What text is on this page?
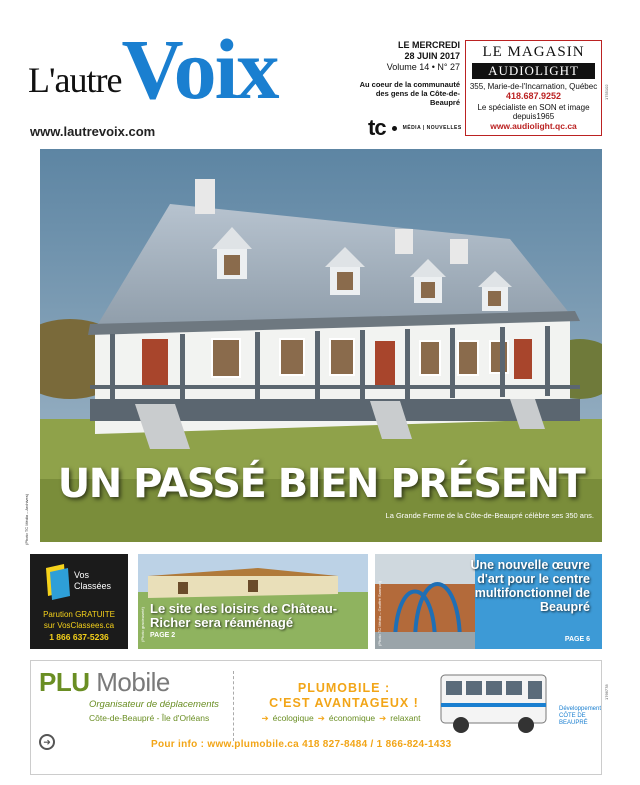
L'autre Voix
www.lautrevoix.com
LE MERCREDI
28 JUIN 2017
Volume 14 • N° 27
Au coeur de la communauté des gens de la Côte-de-Beaupré
tc	MÉDIA | NOUVELLES
LE MAGASIN
AUDIOLIGHT
355, Marie-de-l'Incarnation, Québec
418.687.9252
Le spécialiste en SON et image depuis1965
www.audiolight.qc.ca
1755102
UN PASSÉ BIEN PRÉSENT
La Grande Ferme de la Côte-de-Beaupré célèbre ses 350 ans.
(Photo TC Média – Archives)
Vos
Classées
Parution GRATUITE
sur VosClassees.ca
1 866 637-5236
Le site des loisirs de Château-Richer sera réaménagé
PAGE 2
(Photo gracieuseté)
Une nouvelle œuvre d'art pour le centre multifonctionnel de Beaupré
PAGE 6
(Photo TC Média – Geoffré Samson)
PLU Mobile
Organisateur de déplacements
Côte-de-Beaupré - Île d'Orléans
➜
PLUMOBILE :
C'EST AVANTAGEUX !
➔ écologique ➔ économique ➔ relaxant
Pour info : www.plumobile.ca 418 827-8484 / 1 866-824-1433
Développement
CÔTE DE BEAUPRÉ
1766778
